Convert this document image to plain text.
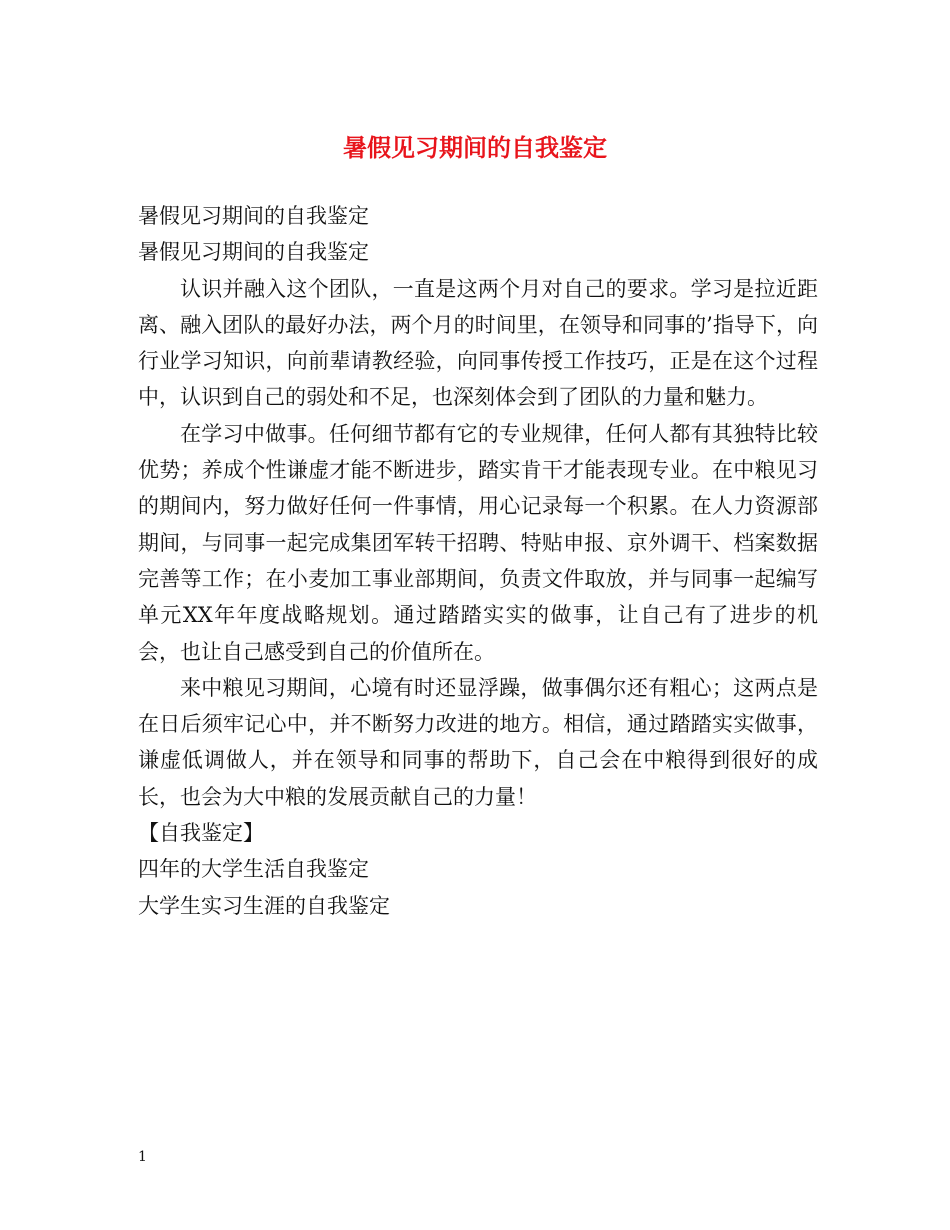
暑假见习期间的自我鉴定

暑假见习期间的自我鉴定

暑假见习期间的自我鉴定

认识并融入这个团队，一直是这两个月对自己的要求。学习是拉近距离、融入团队的最好办法，两个月的时间里，在领导和同事的’指导下，向行业学习知识，向前辈请教经验，向同事传授工作技巧，正是在这个过程中，认识到自己的弱处和不足，也深刻体会到了团队的力量和魅力。

在学习中做事。任何细节都有它的专业规律，任何人都有其独特比较优势；养成个性谦虚才能不断进步，踏实肯干才能表现专业。在中粮见习的期间内，努力做好任何一件事情，用心记录每一个积累。在人力资源部期间，与同事一起完成集团军转干招聘、特贴申报、京外调干、档案数据完善等工作；在小麦加工事业部期间，负责文件取放，并与同事一起编写单元XX年年度战略规划。通过踏踏实实的做事，让自己有了进步的机会，也让自己感受到自己的价值所在。

来中粮见习期间，心境有时还显浮躁，做事偶尔还有粗心；这两点是在日后须牢记心中，并不断努力改进的地方。相信，通过踏踏实实做事，谦虚低调做人，并在领导和同事的帮助下，自己会在中粮得到很好的成长，也会为大中粮的发展贡献自己的力量！

【自我鉴定】

四年的大学生活自我鉴定

大学生实习生涯的自我鉴定

1
